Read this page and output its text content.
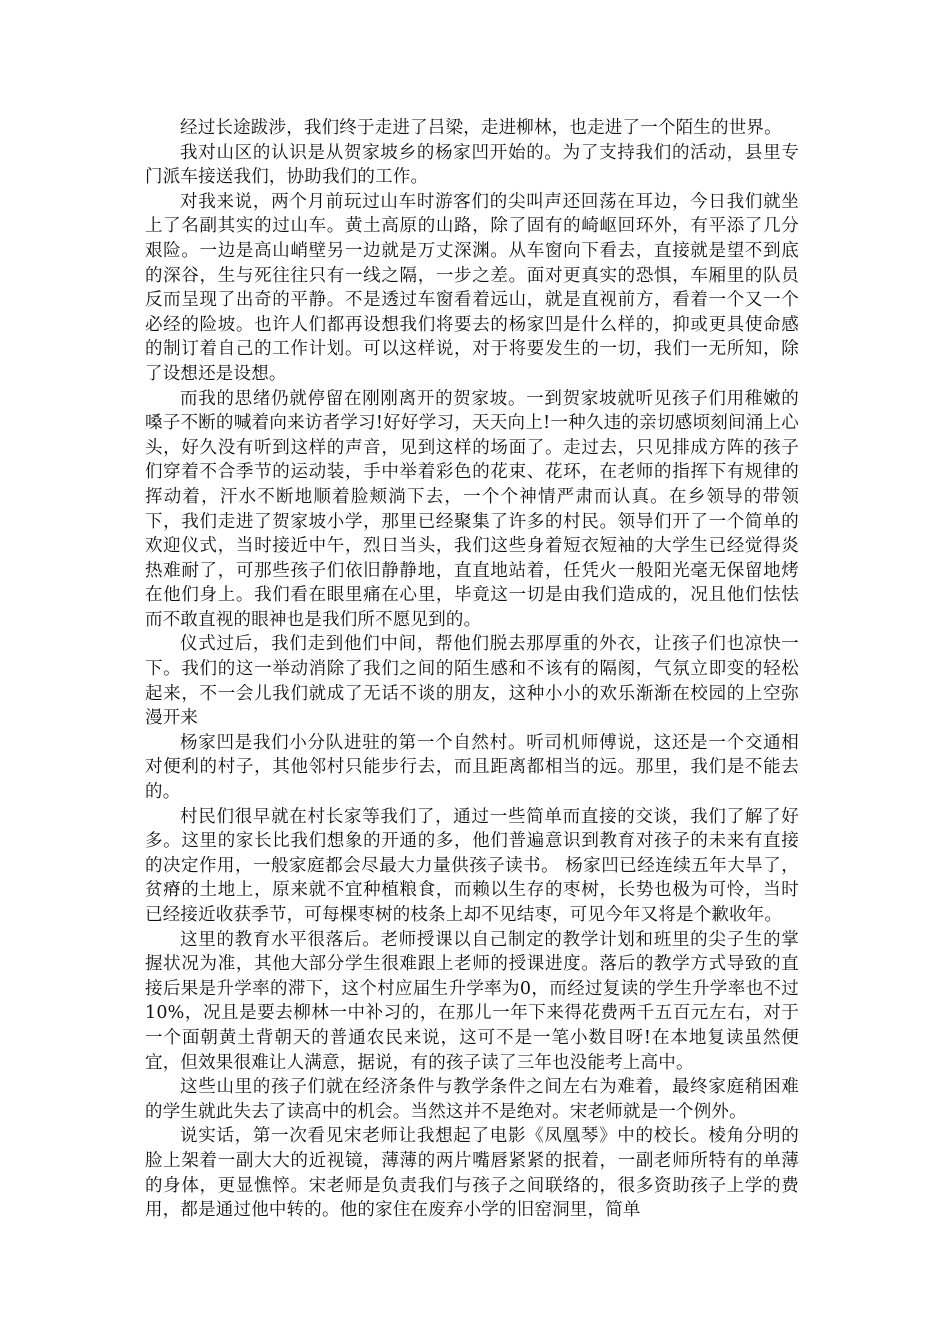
经过长途跋涉，我们终于走进了吕梁，走进柳林，也走进了一个陌生的世界。

我对山区的认识是从贺家坡乡的杨家凹开始的。为了支持我们的活动，县里专门派车接送我们，协助我们的工作。

对我来说，两个月前玩过山车时游客们的尖叫声还回荡在耳边，今日我们就坐上了名副其实的过山车。黄土高原的山路，除了固有的崎岖回环外，有平添了几分艰险。一边是高山峭壁另一边就是万丈深渊。从车窗向下看去，直接就是望不到底的深谷，生与死往往只有一线之隔，一步之差。面对更真实的恐惧，车厢里的队员反而呈现了出奇的平静。不是透过车窗看着远山，就是直视前方，看着一个又一个必经的险坡。也许人们都再设想我们将要去的杨家凹是什么样的，抑或更具使命感的制订着自己的工作计划。可以这样说，对于将要发生的一切，我们一无所知，除了设想还是设想。

而我的思绪仍就停留在刚刚离开的贺家坡。一到贺家坡就听见孩子们用稚嫩的嗓子不断的喊着向来访者学习!好好学习，天天向上!一种久违的亲切感顷刻间涌上心头，好久没有听到这样的声音，见到这样的场面了。走过去，只见排成方阵的孩子们穿着不合季节的运动装，手中举着彩色的花束、花环，在老师的指挥下有规律的挥动着，汗水不断地顺着脸颊淌下去，一个个神情严肃而认真。在乡领导的带领下，我们走进了贺家坡小学，那里已经聚集了许多的村民。领导们开了一个简单的欢迎仪式，当时接近中午，烈日当头，我们这些身着短衣短袖的大学生已经觉得炎热难耐了，可那些孩子们依旧静静地，直直地站着，任凭火一般阳光毫无保留地烤在他们身上。我们看在眼里痛在心里，毕竟这一切是由我们造成的，况且他们怯怯而不敢直视的眼神也是我们所不愿见到的。

仪式过后，我们走到他们中间，帮他们脱去那厚重的外衣，让孩子们也凉快一下。我们的这一举动消除了我们之间的陌生感和不该有的隔阂，气氛立即变的轻松起来，不一会儿我们就成了无话不谈的朋友，这种小小的欢乐渐渐在校园的上空弥漫开来

杨家凹是我们小分队进驻的第一个自然村。听司机师傅说，这还是一个交通相对便利的村子，其他邻村只能步行去，而且距离都相当的远。那里，我们是不能去的。

村民们很早就在村长家等我们了，通过一些简单而直接的交谈，我们了解了好多。这里的家长比我们想象的开通的多，他们普遍意识到教育对孩子的未来有直接的决定作用，一般家庭都会尽最大力量供孩子读书。 杨家凹已经连续五年大旱了，贫瘠的土地上，原来就不宜种植粮食，而赖以生存的枣树，长势也极为可怜，当时已经接近收获季节，可每棵枣树的枝条上却不见结枣，可见今年又将是个歉收年。

这里的教育水平很落后。老师授课以自己制定的教学计划和班里的尖子生的掌握状况为准，其他大部分学生很难跟上老师的授课进度。落后的教学方式导致的直接后果是升学率的滞下，这个村应届生升学率为0，而经过复读的学生升学率也不过10%，况且是要去柳林一中补习的，在那儿一年下来得花费两千五百元左右，对于一个面朝黄土背朝天的普通农民来说，这可不是一笔小数目呀!在本地复读虽然便宜，但效果很难让人满意，据说，有的孩子读了三年也没能考上高中。

这些山里的孩子们就在经济条件与教学条件之间左右为难着，最终家庭稍困难的学生就此失去了读高中的机会。当然这并不是绝对。宋老师就是一个例外。

说实话，第一次看见宋老师让我想起了电影《凤凰琴》中的校长。棱角分明的脸上架着一副大大的近视镜，薄薄的两片嘴唇紧紧的抿着，一副老师所特有的单薄的身体，更显憔悴。宋老师是负责我们与孩子之间联络的，很多资助孩子上学的费用，都是通过他中转的。他的家住在废弃小学的旧窑洞里，简单
